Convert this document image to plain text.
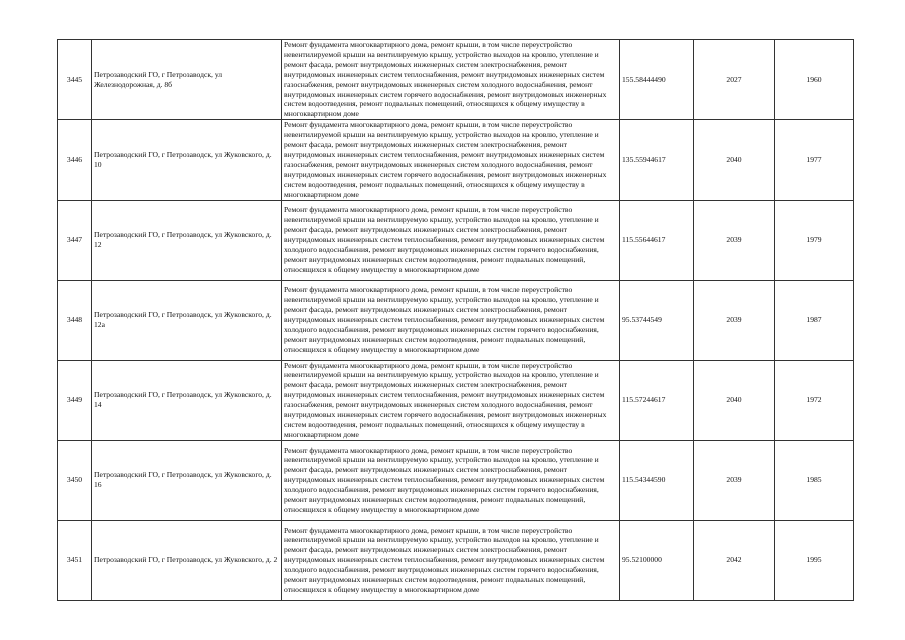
3445	Петрозаводский ГО, г Петрозаводск, ул Железнодорожная, д. 8б	Ремонт фундамента многоквартирного дома, ремонт крыши, в том числе переустройство невентилируемой крыши на вентилируемую крышу, устройство выходов на кровлю, утепление и ремонт фасада, ремонт внутридомовых инженерных систем электроснабжения, ремонт внутридомовых инженерных систем теплоснабжения, ремонт внутридомовых инженерных систем газоснабжения, ремонт внутридомовых инженерных систем холодного водоснабжения, ремонт внутридомовых инженерных систем горячего водоснабжения, ремонт внутридомовых инженерных систем водоотведения, ремонт подвальных помещений, относящихся к общему имуществу в многоквартирном доме	155.58444490	2027	1960
3446	Петрозаводский ГО, г Петрозаводск, ул Жуковского, д. 10	Ремонт фундамента многоквартирного дома, ремонт крыши, в том числе переустройство невентилируемой крыши на вентилируемую крышу, устройство выходов на кровлю, утепление и ремонт фасада, ремонт внутридомовых инженерных систем электроснабжения, ремонт внутридомовых инженерных систем теплоснабжения, ремонт внутридомовых инженерных систем газоснабжения, ремонт внутридомовых инженерных систем холодного водоснабжения, ремонт внутридомовых инженерных систем горячего водоснабжения, ремонт внутридомовых инженерных систем водоотведения, ремонт подвальных помещений, относящихся к общему имуществу в многоквартирном доме	135.55944617	2040	1977
3447	Петрозаводский ГО, г Петрозаводск, ул Жуковского, д. 12	Ремонт фундамента многоквартирного дома, ремонт крыши, в том числе переустройство невентилируемой крыши на вентилируемую крышу, устройство выходов на кровлю, утепление и ремонт фасада, ремонт внутридомовых инженерных систем электроснабжения, ремонт внутридомовых инженерных систем теплоснабжения, ремонт внутридомовых инженерных систем холодного водоснабжения, ремонт внутридомовых инженерных систем горячего водоснабжения, ремонт внутридомовых инженерных систем водоотведения, ремонт подвальных помещений, относящихся к общему имуществу в многоквартирном доме	115.55644617	2039	1979
3448	Петрозаводский ГО, г Петрозаводск, ул Жуковского, д. 12а	Ремонт фундамента многоквартирного дома, ремонт крыши, в том числе переустройство невентилируемой крыши на вентилируемую крышу, устройство выходов на кровлю, утепление и ремонт фасада, ремонт внутридомовых инженерных систем электроснабжения, ремонт внутридомовых инженерных систем теплоснабжения, ремонт внутридомовых инженерных систем холодного водоснабжения, ремонт внутридомовых инженерных систем горячего водоснабжения, ремонт внутридомовых инженерных систем водоотведения, ремонт подвальных помещений, относящихся к общему имуществу в многоквартирном доме	95.53744549	2039	1987
3449	Петрозаводский ГО, г Петрозаводск, ул Жуковского, д. 14	Ремонт фундамента многоквартирного дома, ремонт крыши, в том числе переустройство невентилируемой крыши на вентилируемую крышу, устройство выходов на кровлю, утепление и ремонт фасада, ремонт внутридомовых инженерных систем электроснабжения, ремонт внутридомовых инженерных систем теплоснабжения, ремонт внутридомовых инженерных систем газоснабжения, ремонт внутридомовых инженерных систем холодного водоснабжения, ремонт внутридомовых инженерных систем горячего водоснабжения, ремонт внутридомовых инженерных систем водоотведения, ремонт подвальных помещений, относящихся к общему имуществу в многоквартирном доме	115.57244617	2040	1972
3450	Петрозаводский ГО, г Петрозаводск, ул Жуковского, д. 16	Ремонт фундамента многоквартирного дома, ремонт крыши, в том числе переустройство невентилируемой крыши на вентилируемую крышу, устройство выходов на кровлю, утепление и ремонт фасада, ремонт внутридомовых инженерных систем электроснабжения, ремонт внутридомовых инженерных систем теплоснабжения, ремонт внутридомовых инженерных систем холодного водоснабжения, ремонт внутридомовых инженерных систем горячего водоснабжения, ремонт внутридомовых инженерных систем водоотведения, ремонт подвальных помещений, относящихся к общему имуществу в многоквартирном доме	115.54344590	2039	1985
3451	Петрозаводский ГО, г Петрозаводск, ул Жуковского, д. 2	Ремонт фундамента многоквартирного дома, ремонт крыши, в том числе переустройство невентилируемой крыши на вентилируемую крышу, устройство выходов на кровлю, утепление и ремонт фасада, ремонт внутридомовых инженерных систем электроснабжения, ремонт внутридомовых инженерных систем теплоснабжения, ремонт внутридомовых инженерных систем холодного водоснабжения, ремонт внутридомовых инженерных систем горячего водоснабжения, ремонт внутридомовых инженерных систем водоотведения, ремонт подвальных помещений, относящихся к общему имуществу в многоквартирном доме	95.52100000	2042	1995
